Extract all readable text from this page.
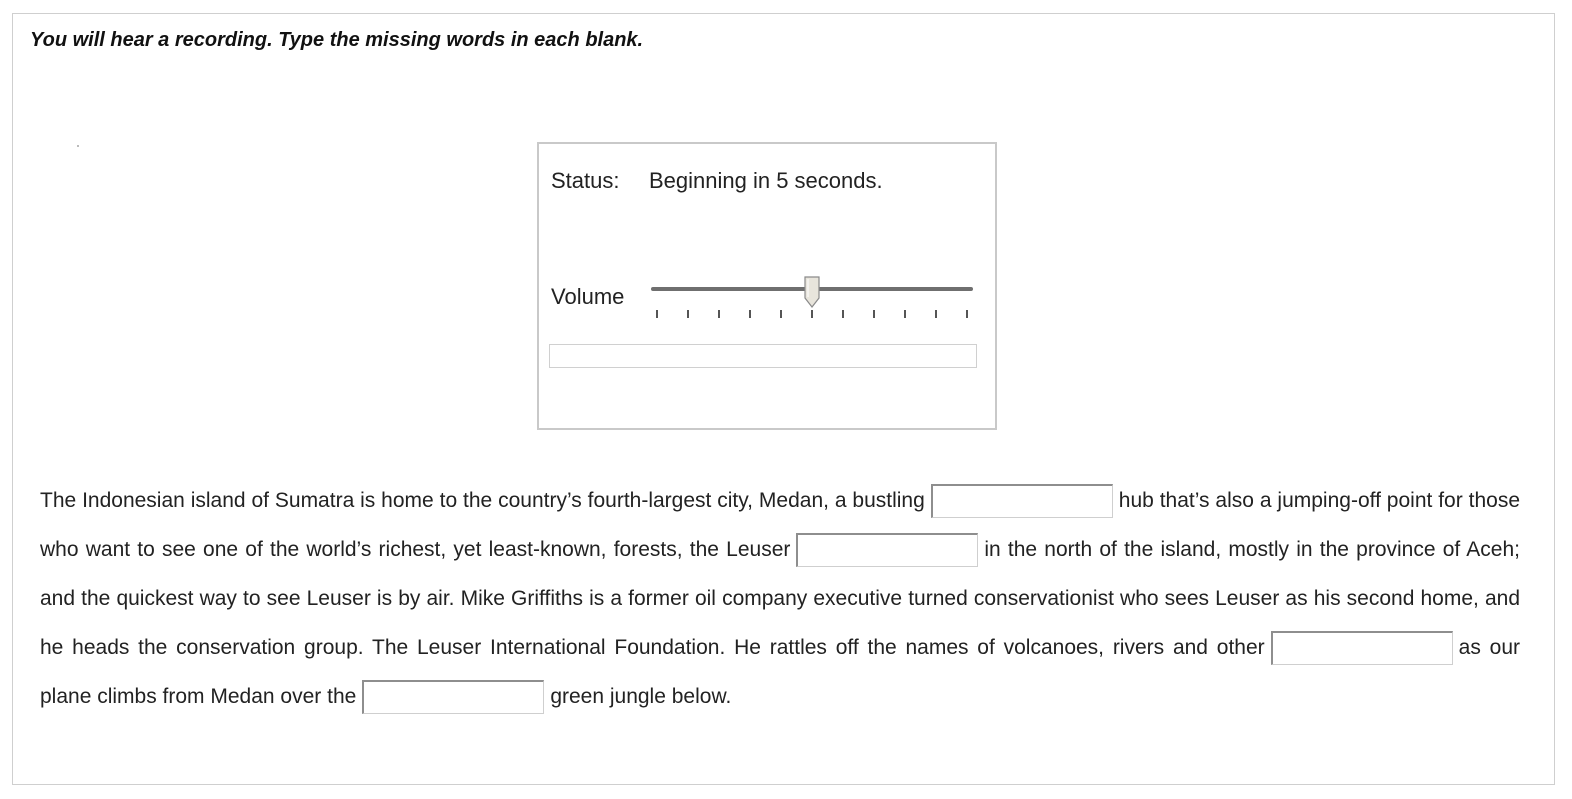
You will hear a recording. Type the missing words in each blank.
Status: Beginning in 5 seconds.
Volume
The Indonesian island of Sumatra is home to the country’s fourth-largest city, Medan, a bustling	hub that’s also a jumping-off point for those who want to see one of the world’s richest, yet least-known, forests, the Leuser	in the north of the island, mostly in the province of Aceh; and the quickest way to see Leuser is by air. Mike Griffiths is a former oil company executive turned conservationist who sees Leuser as his second home, and he heads the conservation group. The Leuser International Foundation. He rattles off the names of volcanoes, rivers and other	as our plane climbs from Medan over the	green jungle below.
